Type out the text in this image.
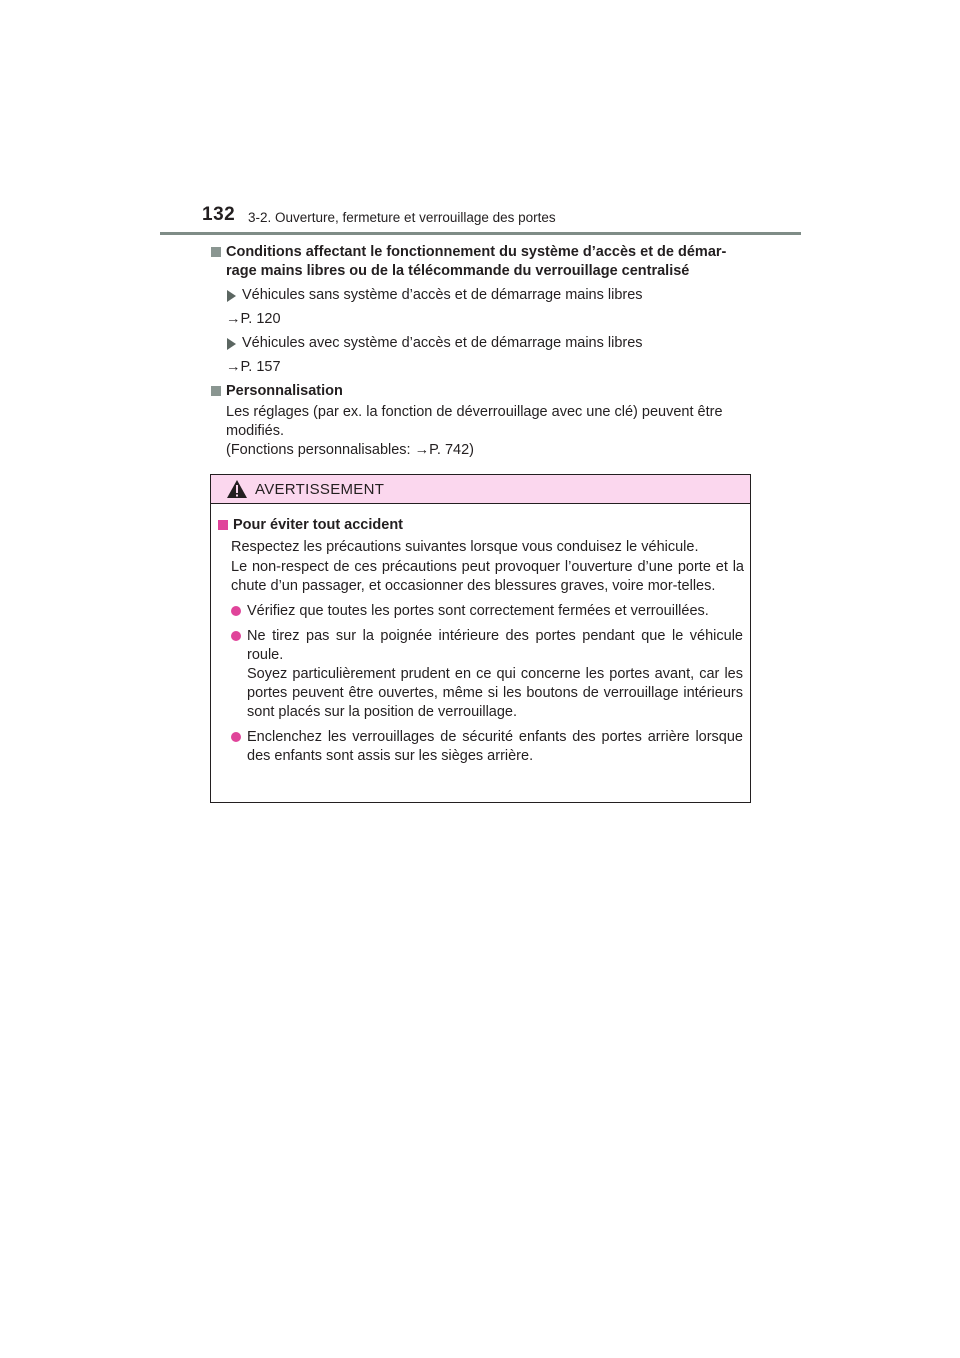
132 3-2. Ouverture, fermeture et verrouillage des portes
Conditions affectant le fonctionnement du système d’accès et de démar-
rage mains libres ou de la télécommande du verrouillage centralisé
Véhicules sans système d’accès et de démarrage mains libres
→P. 120
Véhicules avec système d’accès et de démarrage mains libres
→P. 157
Personnalisation
Les réglages (par ex. la fonction de déverrouillage avec une clé) peuvent être modifiés.
(Fonctions personnalisables: →P. 742)
AVERTISSEMENT
Pour éviter tout accident
Respectez les précautions suivantes lorsque vous conduisez le véhicule.
Le non-respect de ces précautions peut provoquer l’ouverture d’une porte et la chute d’un passager, et occasionner des blessures graves, voire mor-telles.
Vérifiez que toutes les portes sont correctement fermées et verrouillées.
Ne tirez pas sur la poignée intérieure des portes pendant que le véhicule roule.
Soyez particulièrement prudent en ce qui concerne les portes avant, car les portes peuvent être ouvertes, même si les boutons de verrouillage intérieurs sont placés sur la position de verrouillage.
Enclenchez les verrouillages de sécurité enfants des portes arrière lorsque des enfants sont assis sur les sièges arrière.
